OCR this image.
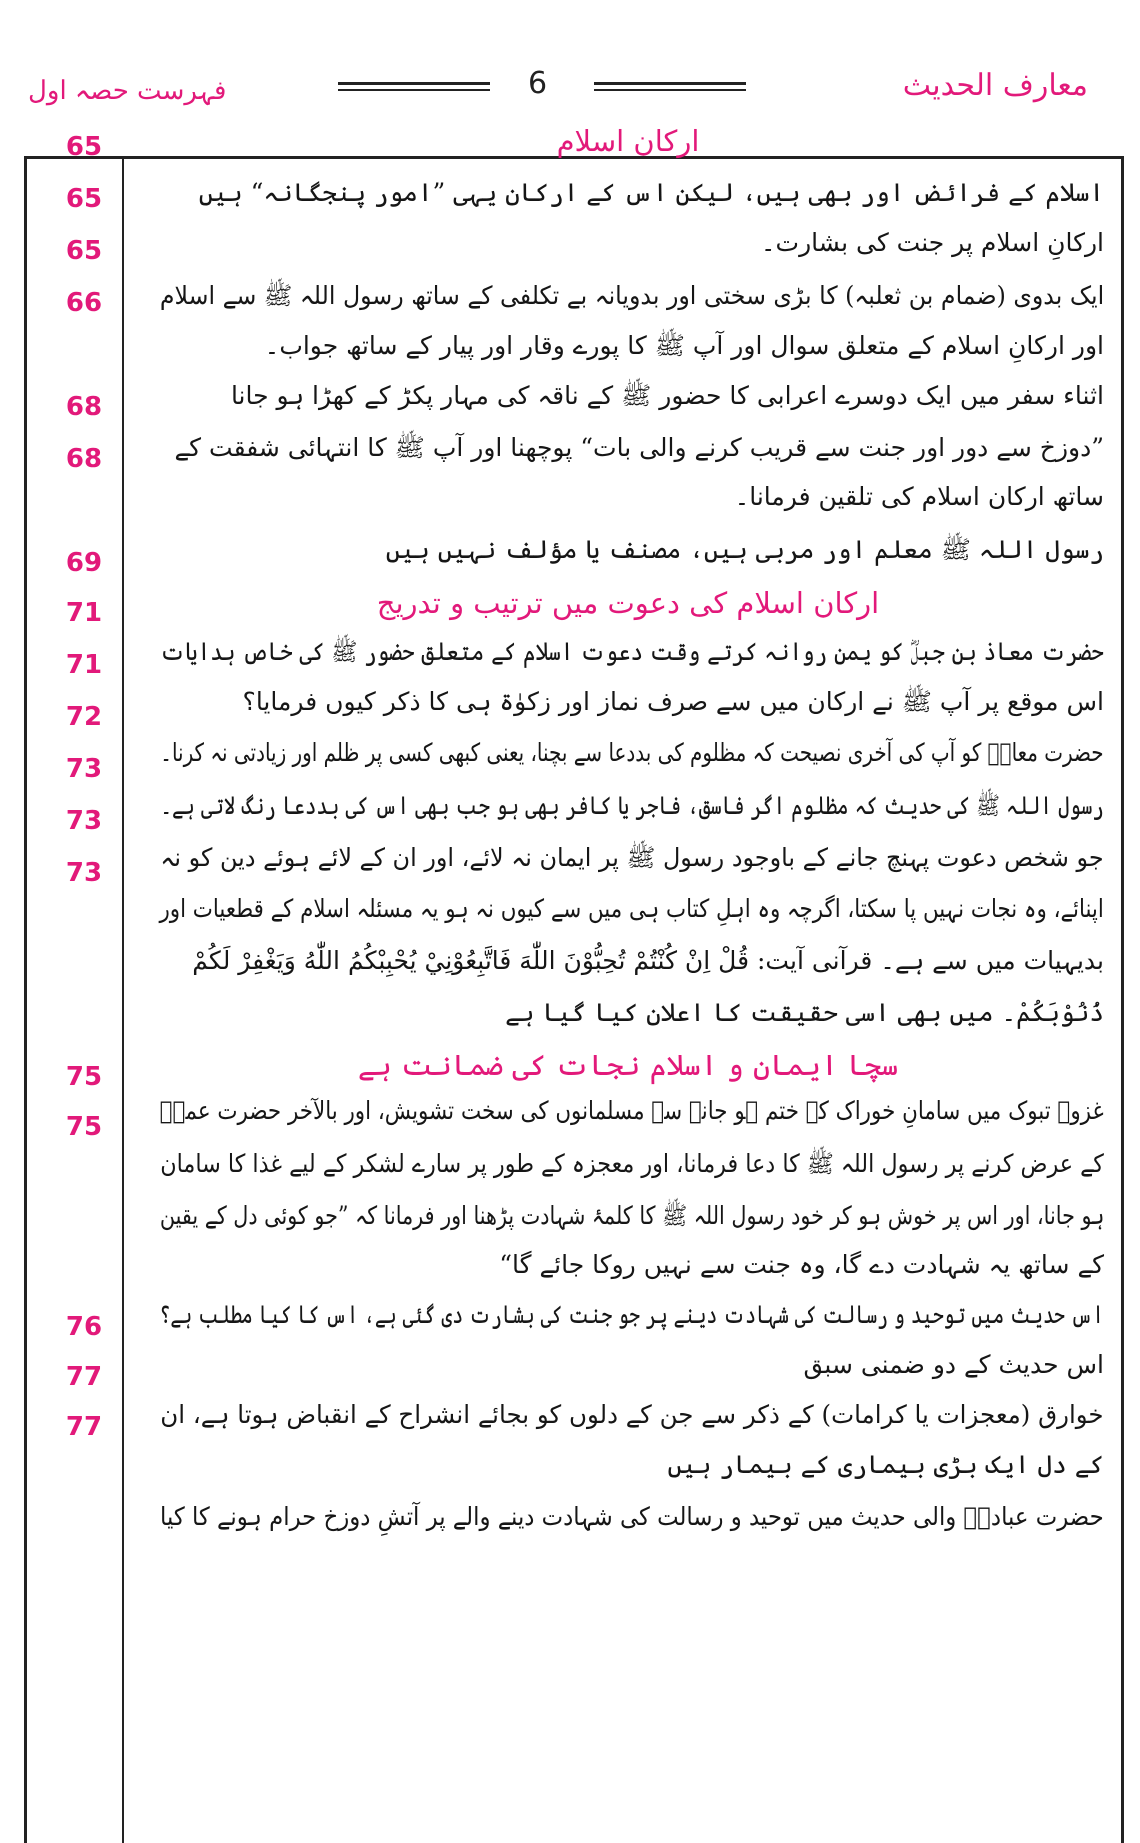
معارف الحدیث
6
فہرست حصہ اول
65
65
65
66
68
68
69
71
71
72
73
73
73
75
75
76
77
77
ارکان اسلام
ارکان اسلام کی دعوت میں ترتیب و تدریج
سچا ایمان و اسلام نجات کی ضمانت ہے
اسلام کے فرائض اور بھی ہیں، لیکن اس کے ارکان یہی ”امور پنجگانہ“ ہیں
ارکانِ اسلام پر جنت کی بشارت۔
ایک بدوی (ضمام بن ثعلبہ) کا بڑی سختی اور بدویانہ بے تکلفی کے ساتھ رسول اللہ ﷺ سے اسلام
اور ارکانِ اسلام کے متعلق سوال اور آپ ﷺ کا پورے وقار اور پیار کے ساتھ جواب۔
اثناء سفر میں ایک دوسرے اعرابی کا حضور ﷺ کے ناقہ کی مہار پکڑ کے کھڑا ہو جانا
”دوزخ سے دور اور جنت سے قریب کرنے والی بات“ پوچھنا اور آپ ﷺ کا انتہائی شفقت کے
ساتھ ارکان اسلام کی تلقین فرمانا۔
رسول اللہ ﷺ معلم اور مربی ہیں، مصنف یا مؤلف نہیں ہیں
حضرت معاذ بن جبلؓ کو یمن روانہ کرتے وقت دعوت اسلام کے متعلق حضور ﷺ کی خاص ہدایات
اس موقع پر آپ ﷺ نے ارکان میں سے صرف نماز اور زکوٰۃ ہی کا ذکر کیوں فرمایا؟
حضرت معاذؓ کو آپ کی آخری نصیحت کہ مظلوم کی بددعا سے بچنا، یعنی کبھی کسی پر ظلم اور زیادتی نہ کرنا۔
رسول اللہ ﷺ کی حدیث کہ مظلوم اگر فاسق، فاجر یا کافر بھی ہو جب بھی اس کی بددعا رنگ لاتی ہے۔
جو شخص دعوت پہنچ جانے کے باوجود رسول ﷺ پر ایمان نہ لائے، اور ان کے لائے ہوئے دین کو نہ
اپنائے، وہ نجات نہیں پا سکتا، اگرچہ وہ اہلِ کتاب ہی میں سے کیوں نہ ہو یہ مسئلہ اسلام کے قطعیات اور
بدیہیات میں سے ہے۔ قرآنی آیت: قُلْ اِنْ كُنْتُمْ تُحِبُّوْنَ اللّٰهَ فَاتَّبِعُوْنِيْ يُحْبِبْكُمُ اللّٰهُ وَيَغْفِرْ لَكُمْ
ذُنُوْبَكُمْ۔ میں بھی اسی حقیقت کا اعلان کیا گیا ہے
غزوۂ تبوک میں سامانِ خوراک کے ختم ہو جانے سے مسلمانوں کی سخت تشویش، اور بالآخر حضرت عمرؓ
کے عرض کرنے پر رسول اللہ ﷺ کا دعا فرمانا، اور معجزہ کے طور پر سارے لشکر کے لیے غذا کا سامان
ہو جانا، اور اس پر خوش ہو کر خود رسول اللہ ﷺ کا کلمۂ شہادت پڑھنا اور فرمانا کہ ”جو کوئی دل کے یقین
کے ساتھ یہ شہادت دے گا، وہ جنت سے نہیں روکا جائے گا“
اس حدیث میں توحید و رسالت کی شہادت دینے پر جو جنت کی بشارت دی گئی ہے، اس کا کیا مطلب ہے؟
اس حدیث کے دو ضمنی سبق
خوارق (معجزات یا کرامات) کے ذکر سے جن کے دلوں کو بجائے انشراح کے انقباض ہوتا ہے، ان
کے دل ایک بڑی بیماری کے بیمار ہیں
حضرت عبادہؓ والی حدیث میں توحید و رسالت کی شہادت دینے والے پر آتشِ دوزخ حرام ہونے کا کیا
